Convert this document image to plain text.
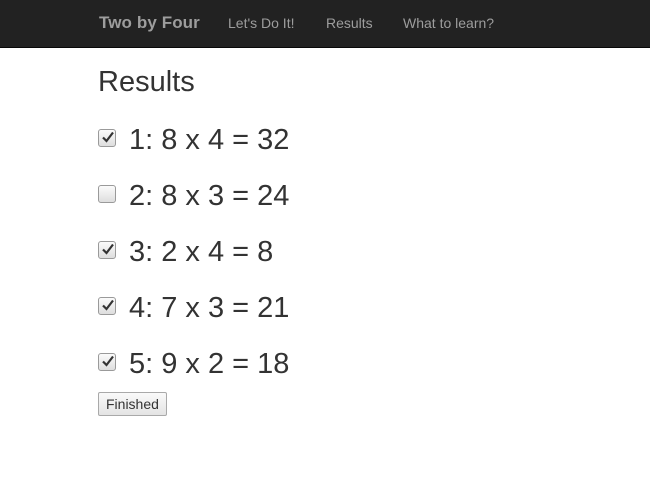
Two by Four Let's Do It! Results What to learn?
Results
1: 8 x 4 = 32
2: 8 x 3 = 24
3: 2 x 4 = 8
4: 7 x 3 = 21
5: 9 x 2 = 18
Finished
